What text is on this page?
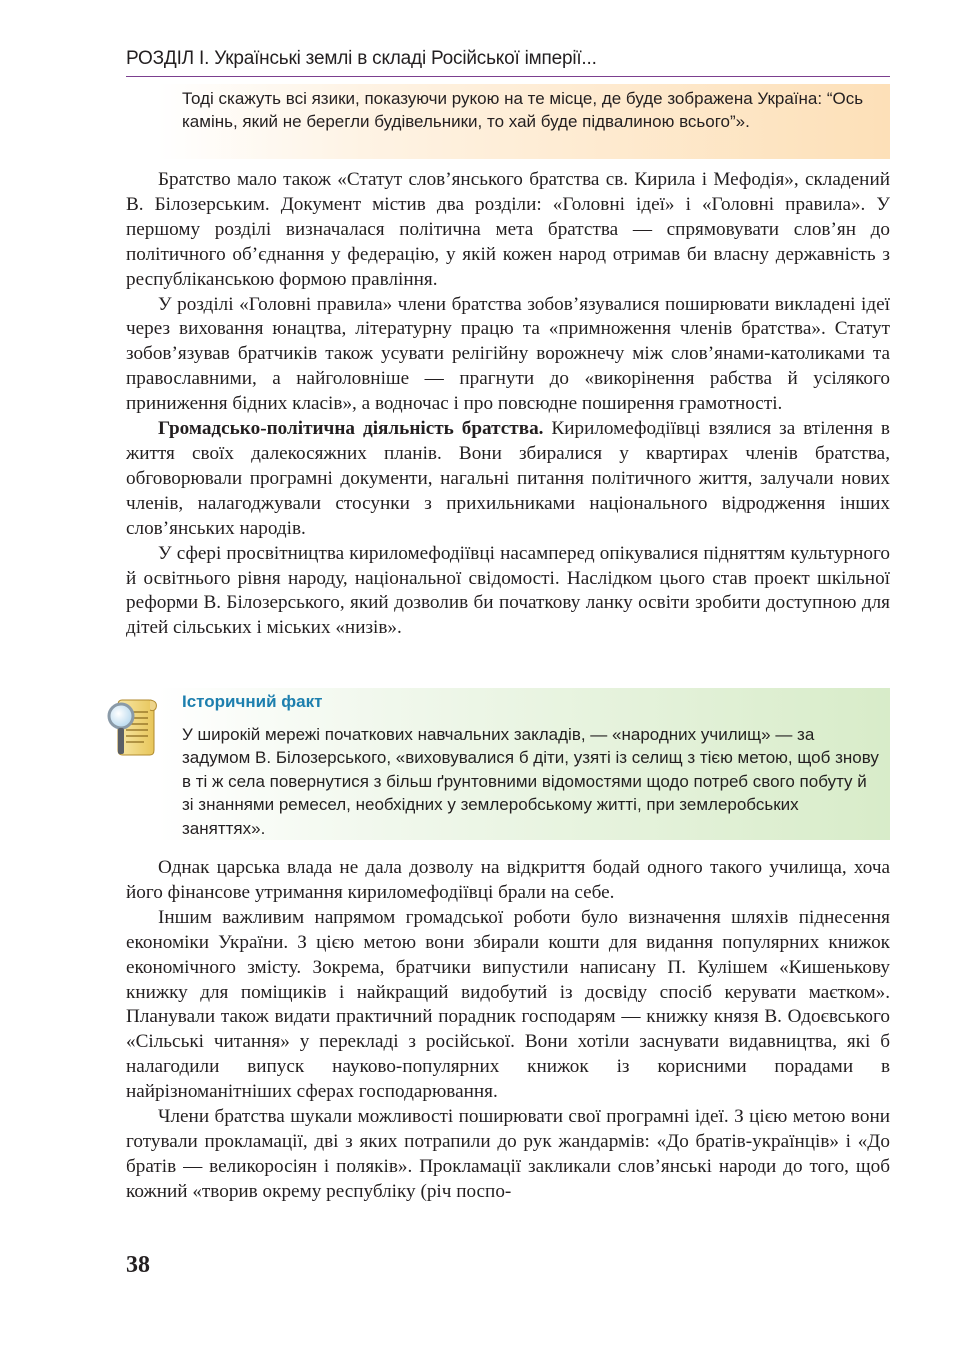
РОЗДІЛ І. Українські землі в складі Російської імперії...
Тоді скажуть всі язики, показуючи рукою на те місце, де буде зображена Україна: “Ось камінь, який не берегли будівельники, то хай буде підвалиною всього”».

Братство мало також «Статут слов’янського братства св. Кирила і Мефодія», складений В. Білозерським. Документ містив два розділи: «Головні ідеї» і «Головні правила». У першому розділі визначалася політична мета братства — спрямовувати слов’ян до політичного об’єднання у федерацію, у якій кожен народ отримав би власну державність з республіканською формою правління.

У розділі «Головні правила» члени братства зобов’язувалися поширювати викладені ідеї через виховання юнацтва, літературну працю та «примноження членів братства». Статут зобов’язував братчиків також усувати релігійну ворожнечу між слов’янами-католиками та православними, а найголовніше — прагнути до «викорінення рабства й усілякого приниження бідних класів», а водночас і про повсюдне поширення грамотності.

Громадсько-політична діяльність братства. Кириломефодіївці взялися за втілення в життя своїх далекосяжних планів. Вони збиралися у квартирах членів братства, обговорювали програмні документи, нагальні питання політичного життя, залучали нових членів, налагоджували стосунки з прихильниками національного відродження інших слов’янських народів.

У сфері просвітництва кириломефодіївці насамперед опікувалися підняттям культурного й освітнього рівня народу, національної свідомості. Наслідком цього став проект шкільної реформи В. Білозерського, який дозволив би початкову ланку освіти зробити доступною для дітей сільських і міських «низів».

Історичний факт
У широкій мережі початкових навчальних закладів, — «народних училищ» — за задумом В. Білозерського, «виховувалися б діти, узяті із селищ з тією метою, щоб знову в ті ж села повернутися з більш ґрунтовними відомостями щодо потреб свого побуту й зі знаннями ремесел, необхідних у землеробському житті, при землеробських заняттях».

Однак царська влада не дала дозволу на відкриття бодай одного такого училища, хоча його фінансове утримання кириломефодіївці брали на себе.

Іншим важливим напрямом громадської роботи було визначення шляхів піднесення економіки України. З цією метою вони збирали кошти для видання популярних книжок економічного змісту. Зокрема, братчики випустили написану П. Кулішем «Кишенькову книжку для поміщиків і найкращий видобутий із досвіду спосіб керувати маєтком». Планували також видати практичний порадник господарям — книжку князя В. Одоєвського «Сільські читання» у перекладі з російської. Вони хотіли заснувати видавництва, які б налагодили випуск науково-популярних книжок із корисними порадами в найрізноманітніших сферах господарювання.

Члени братства шукали можливості поширювати свої програмні ідеї. З цією метою вони готували прокламації, дві з яких потрапили до рук жандармів: «До братів-українців» і «До братів — великоросіян і поляків». Прокламації закликали слов’янські народи до того, щоб кожний «творив окрему республіку (річ поспо-

38
